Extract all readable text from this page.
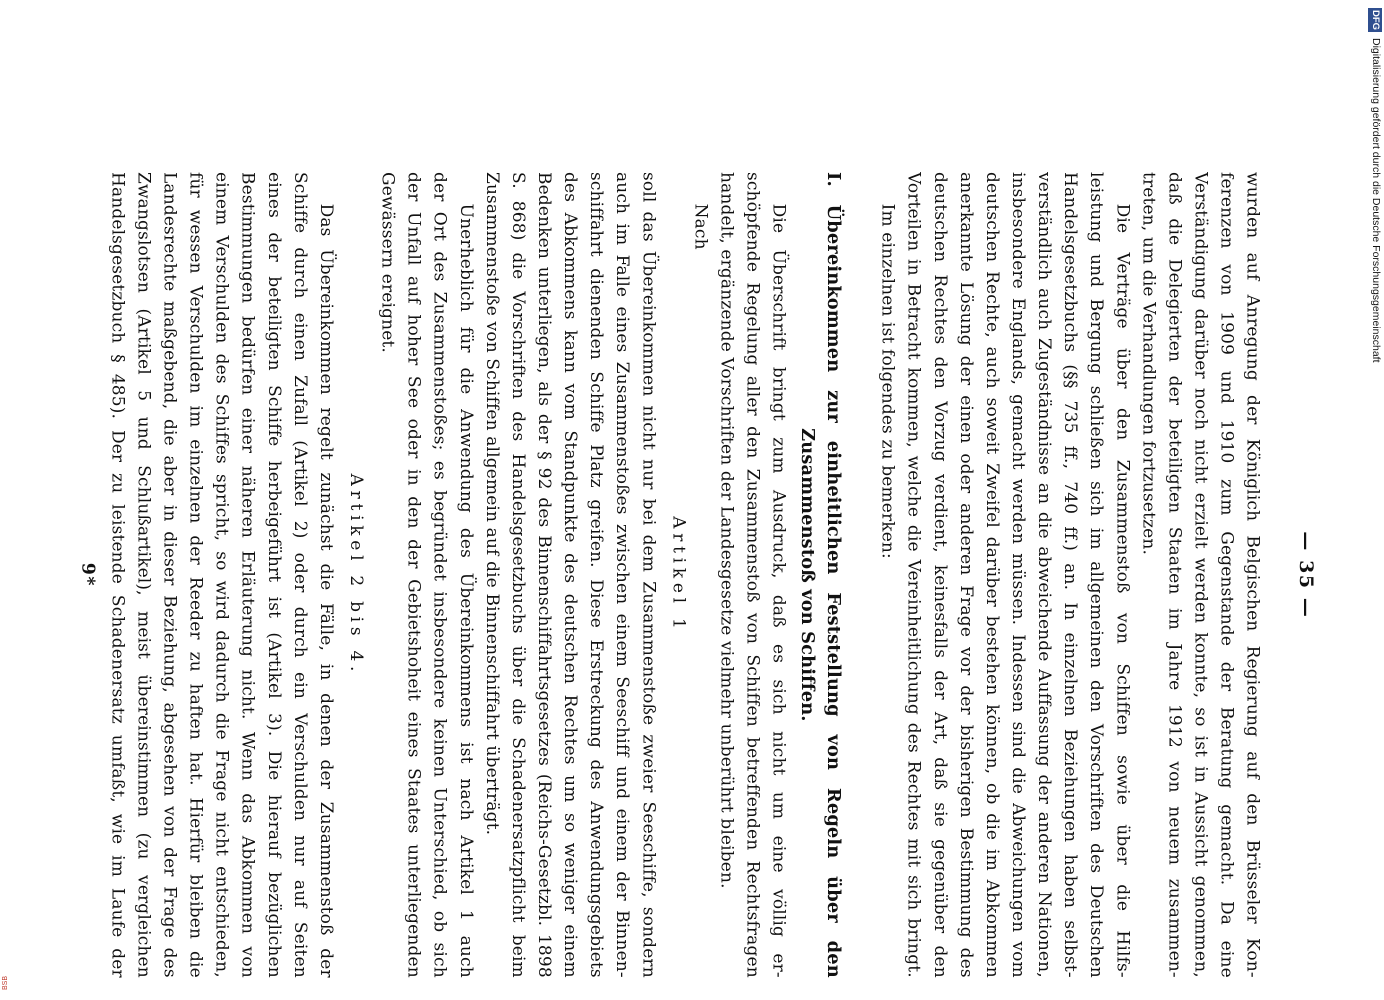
— 35 —
wurden auf Anregung der Königlich Belgischen Regierung auf den Brüsseler Kon-
ferenzen von 1909 und 1910 zum Gegenstande der Beratung gemacht. Da eine
Verständigung darüber noch nicht erzielt werden konnte, so ist in Aussicht genommen,
daß die Delegierten der beteiligten Staaten im Jahre 1912 von neuem zusammen-
treten, um die Verhandlungen fortzusetzen.
Die Verträge über den Zusammenstoß von Schiffen sowie über die Hilfs-
leistung und Bergung schließen sich im allgemeinen den Vorschriften des Deutschen
Handelsgesetzbuchs (§§ 735 ff., 740 ff.) an. In einzelnen Beziehungen haben selbst-
verständlich auch Zugeständnisse an die abweichende Auffassung der anderen Nationen,
insbesondere Englands, gemacht werden müssen. Indessen sind die Abweichungen vom
deutschen Rechte, auch soweit Zweifel darüber bestehen können, ob die im Abkommen
anerkannte Lösung der einen oder anderen Frage vor der bisherigen Bestimmung des
deutschen Rechtes den Vorzug verdient, keinesfalls der Art, daß sie gegenüber den
Vorteilen in Betracht kommen, welche die Vereinheitlichung des Rechtes mit sich bringt.
Im einzelnen ist folgendes zu bemerken:
I. Übereinkommen zur einheitlichen Feststellung von Regeln über den
Zusammenstoß von Schiffen.
Die Überschrift bringt zum Ausdruck, daß es sich nicht um eine völlig er-
schöpfende Regelung aller den Zusammenstoß von Schiffen betreffenden Rechtsfragen
handelt, ergänzende Vorschriften der Landesgesetze vielmehr unberührt bleiben.
Nach
Artikel 1
soll das Übereinkommen nicht nur bei dem Zusammenstoße zweier Seeschiffe, sondern
auch im Falle eines Zusammenstoßes zwischen einem Seeschiff und einem der Binnen-
schiffahrt dienenden Schiffe Platz greifen. Diese Erstreckung des Anwendungsgebiets
des Abkommens kann vom Standpunkte des deutschen Rechtes um so weniger einem
Bedenken unterliegen, als der § 92 des Binnenschiffahrtsgesetzes (Reichs-Gesetzbl. 1898
S. 868) die Vorschriften des Handelsgesetzbuchs über die Schadenersatzpflicht beim
Zusammenstoße von Schiffen allgemein auf die Binnenschiffahrt überträgt.
Unerheblich für die Anwendung des Übereinkommens ist nach Artikel 1 auch
der Ort des Zusammenstoßes; es begründet insbesondere keinen Unterschied, ob sich
der Unfall auf hoher See oder in den der Gebietshoheit eines Staates unterliegenden
Gewässern ereignet.
Artikel 2 bis 4.
Das Übereinkommen regelt zunächst die Fälle, in denen der Zusammenstoß der
Schiffe durch einen Zufall (Artikel 2) oder durch ein Verschulden nur auf Seiten
eines der beteiligten Schiffe herbeigeführt ist (Artikel 3). Die hierauf bezüglichen
Bestimmungen bedürfen einer näheren Erläuterung nicht. Wenn das Abkommen von
einem Verschulden des Schiffes spricht, so wird dadurch die Frage nicht entschieden,
für wessen Verschulden im einzelnen der Reeder zu haften hat. Hierfür bleiben die
Landesrechte maßgebend, die aber in dieser Beziehung, abgesehen von der Frage des
Zwangslotsen (Artikel 5 und Schlußartikel), meist übereinstimmen (zu vergleichen
Handelsgesetzbuch § 485). Der zu leistende Schadenersatz umfaßt, wie im Laufe der
9*
DFG Digitalisierung gefördert durch die Deutsche Forschungsgemeinschaft
BSB
